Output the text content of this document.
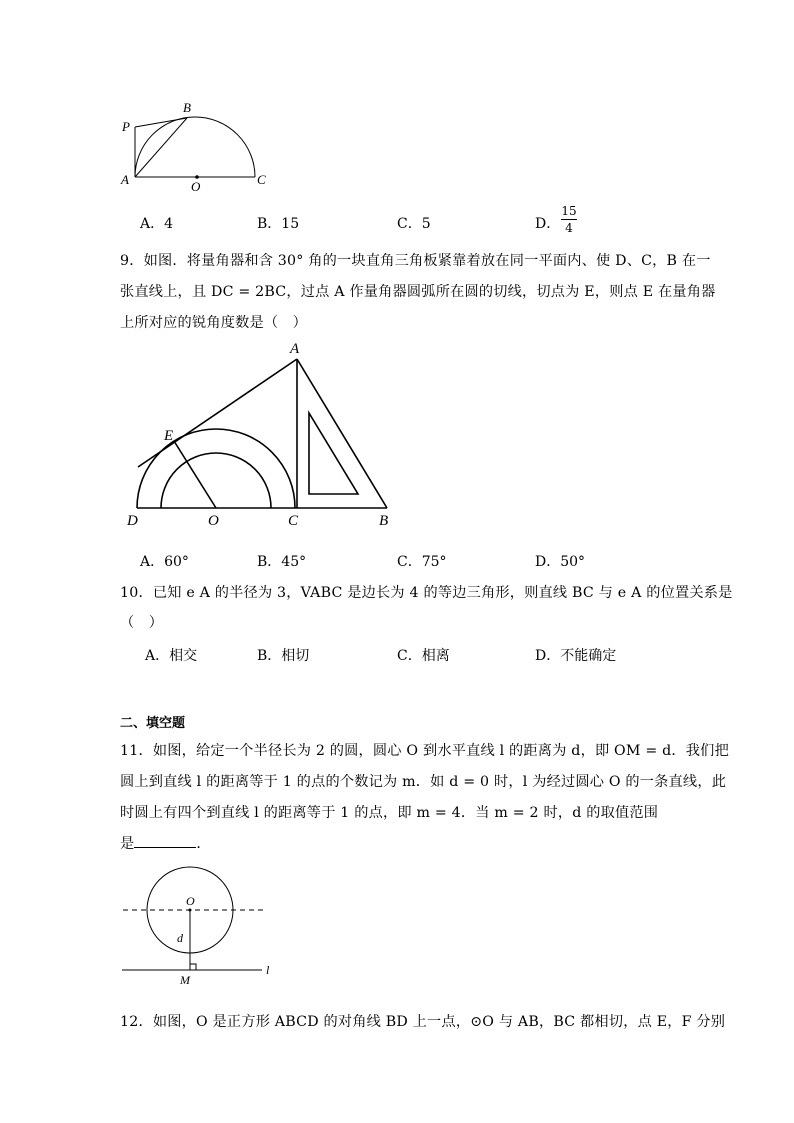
P
B
A	O	C
A．4	B．15	C．5	D．
15
4
9．如图．将量角器和含 30° 角的一块直角三角板紧靠着放在同一平面内、使 D、C，B 在一
张直线上，且 DC = 2BC，过点 A 作量角器圆弧所在圆的切线，切点为 E，则点 E 在量角器
上所对应的锐角度数是（　）
A
E
D	O	C	B
A．60°	B．45°	C．75°	D．50°
10．已知 e A 的半径为 3，VABC 是边长为 4 的等边三角形，则直线 BC 与 e A 的位置关系是
（　）
A．相交	B．相切	C．相离	D．不能确定
二、填空题
11．如图，给定一个半径长为 2 的圆，圆心 O 到水平直线 l 的距离为 d，即 OM = d．我们把
圆上到直线 l 的距离等于 1 的点的个数记为 m．如 d = 0 时，l 为经过圆心 O 的一条直线，此
时圆上有四个到直线 l 的距离等于 1 的点，即 m = 4．当 m = 2 时，d 的取值范围
是	．
O
d
M
l
12．如图，O 是正方形 ABCD 的对角线 BD 上一点，⊙O 与 AB，BC 都相切，点 E，F 分别
